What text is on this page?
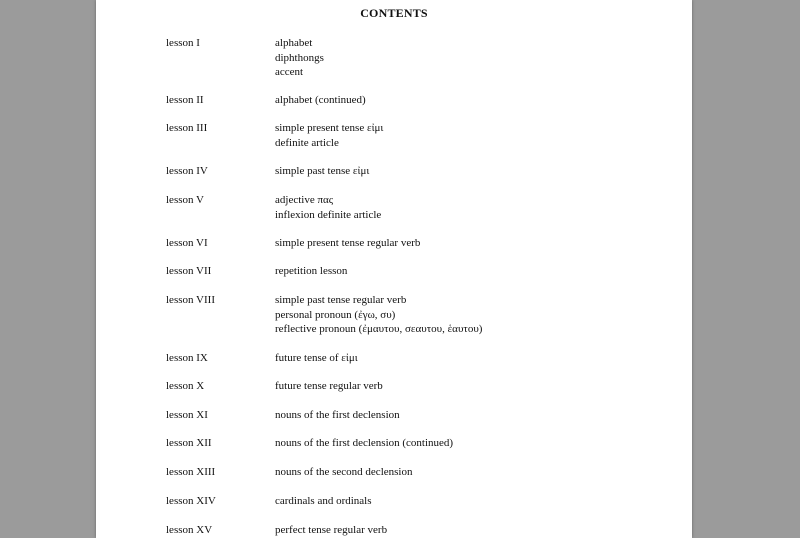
CONTENTS
lesson I	alphabet
diphthongs
accent
lesson II	alphabet (continued)
lesson III	simple present tense εἰμι
definite article
lesson IV	simple past tense εἰμι
lesson V	adjective πας
inflexion definite article
lesson VI	simple present tense regular verb
lesson VII	repetition lesson
lesson VIII	simple past tense regular verb
personal pronoun (ἐγω, συ)
reflective pronoun (ἐμαυτου, σεαυτου, ἑαυτου)
lesson IX	future tense of εἰμι
lesson X	future tense regular verb
lesson XI	nouns of the first declension
lesson XII	nouns of the first declension (continued)
lesson XIII	nouns of the second declension
lesson XIV	cardinals and ordinals
lesson XV	perfect tense regular verb
